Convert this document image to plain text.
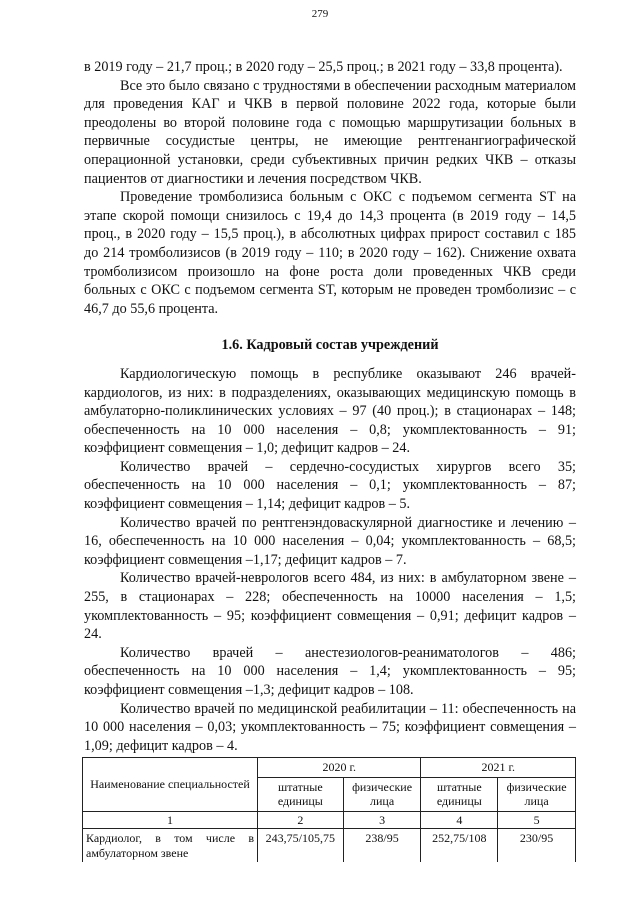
279

в 2019 году – 21,7 проц.; в 2020 году – 25,5 проц.; в 2021 году – 33,8 процента).

Все это было связано с трудностями в обеспечении расходным материалом для проведения КАГ и ЧКВ в первой половине 2022 года, которые были преодолены во второй половине года с помощью маршрутизации больных в первичные сосудистые центры, не имеющие рентгенангиографической операционной установки, среди субъективных причин редких ЧКВ – отказы пациентов от диагностики и лечения посредством ЧКВ.

Проведение тромболизиса больным с ОКС с подъемом сегмента ST на этапе скорой помощи снизилось с 19,4 до 14,3 процента (в 2019 году – 14,5 проц., в 2020 году – 15,5 проц.), в абсолютных цифрах прирост составил с 185 до 214 тромболизисов (в 2019 году – 110; в 2020 году – 162). Снижение охвата тромболизисом произошло на фоне роста доли проведенных ЧКВ среди больных с ОКС с подъемом сегмента ST, которым не проведен тромболизис – с 46,7 до 55,6 процента.

1.6. Кадровый состав учреждений

Кардиологическую помощь в республике оказывают 246 врачей-кардиологов, из них: в подразделениях, оказывающих медицинскую помощь в амбулаторно-поликлинических условиях – 97 (40 проц.); в стационарах – 148; обеспеченность на 10 000 населения – 0,8; укомплектованность – 91; коэффициент совмещения – 1,0; дефицит кадров – 24.

Количество врачей – сердечно-сосудистых хирургов всего 35; обеспеченность на 10 000 населения – 0,1; укомплектованность – 87; коэффициент совмещения – 1,14; дефицит кадров – 5.

Количество врачей по рентгенэндоваскулярной диагностике и лечению – 16, обеспеченность на 10 000 населения – 0,04; укомплектованность – 68,5; коэффициент совмещения –1,17; дефицит кадров – 7.

Количество врачей-неврологов всего 484, из них: в амбулаторном звене – 255, в стационарах – 228; обеспеченность на 10000 населения – 1,5; укомплектованность – 95; коэффициент совмещения – 0,91; дефицит кадров – 24.

Количество врачей – анестезиологов-реаниматологов – 486; обеспеченность на 10 000 населения – 1,4; укомплектованность – 95; коэффициент совмещения –1,3; дефицит кадров – 108.

Количество врачей по медицинской реабилитации – 11: обеспеченность на 10 000 населения – 0,03; укомплектованность – 75; коэффициент совмещения –1,09; дефицит кадров – 4.

Наименование специальностей	2020 г.		2021 г.	
	штатные единицы	физические лица	штатные единицы	физические лица
1	2	3	4	5
Кардиолог, в том числе в амбулаторном звене	243,75/105,75	238/95	252,75/108	230/95
